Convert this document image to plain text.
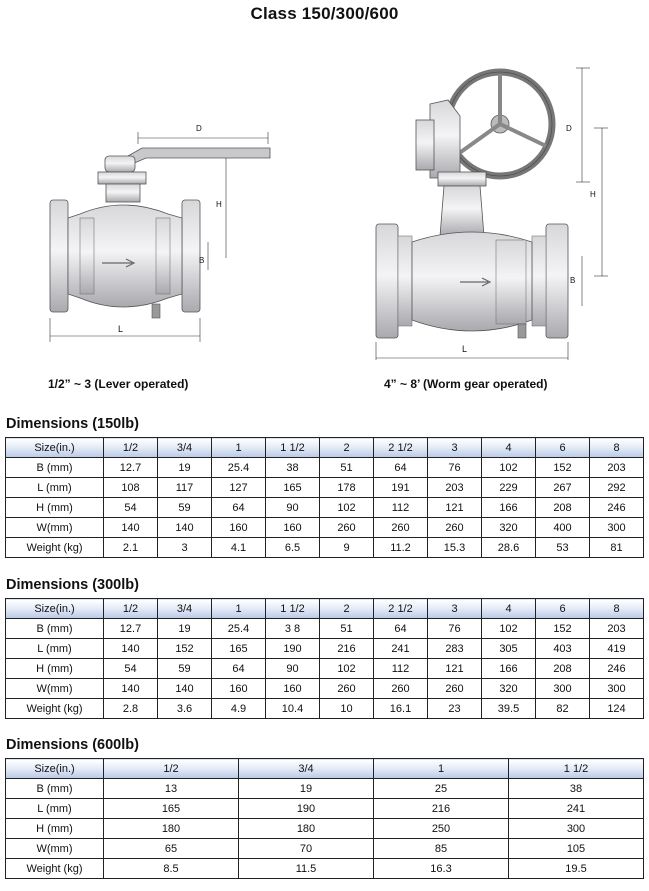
Class 150/300/600
D
H
B
L
D
H
B
L
1/2” ~ 3 (Lever operated)	4” ~ 8’ (Worm gear operated)
Dimensions (150lb)
Size(in.)	1/2	3/4	1	1 1/2	2	2 1/2	3	4	6	8
B (mm)	12.7	19	25.4	38	51	64	76	102	152	203
L (mm)	108	117	127	165	178	191	203	229	267	292
H (mm)	54	59	64	90	102	112	121	166	208	246
W(mm)	140	140	160	160	260	260	260	320	400	300
Weight (kg)	2.1	3	4.1	6.5	9	11.2	15.3	28.6	53	81
Dimensions (300lb)
Size(in.)	1/2	3/4	1	1 1/2	2	2 1/2	3	4	6	8
B (mm)	12.7	19	25.4	3 8	51	64	76	102	152	203
L (mm)	140	152	165	190	216	241	283	305	403	419
H (mm)	54	59	64	90	102	112	121	166	208	246
W(mm)	140	140	160	160	260	260	260	320	300	300
Weight (kg)	2.8	3.6	4.9	10.4	10	16.1	23	39.5	82	124
Dimensions (600lb)
Size(in.)	1/2	3/4	1	1 1/2
B (mm)	13	19	25	38
L (mm)	165	190	216	241
H (mm)	180	180	250	300
W(mm)	65	70	85	105
Weight (kg)	8.5	11.5	16.3	19.5
